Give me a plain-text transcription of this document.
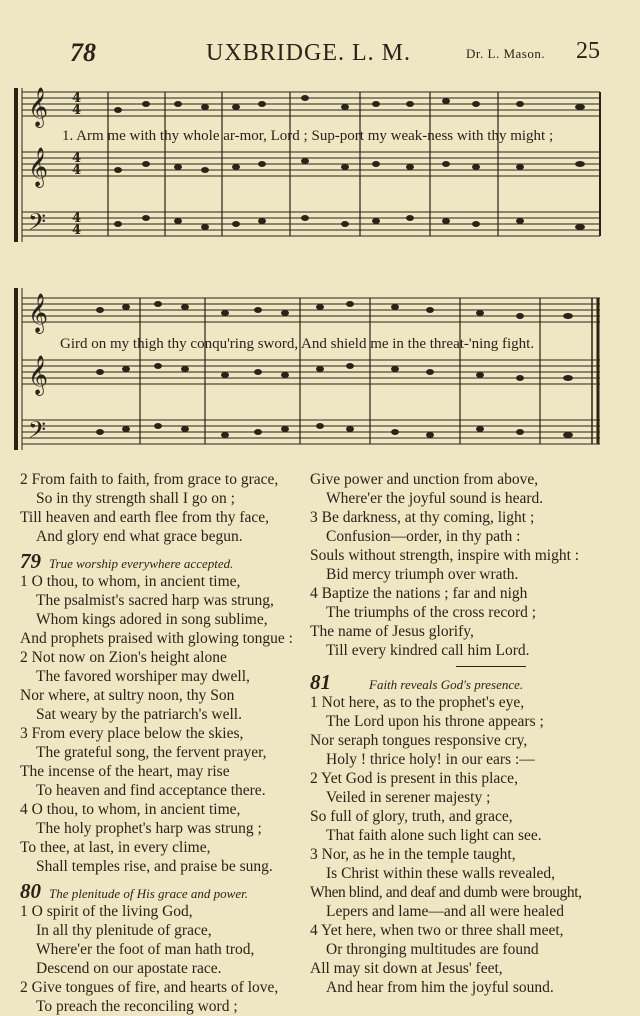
78	UXBRIDGE. L. M.	Dr. L. Mason. 25
𝄞
𝄞
𝄢
4
4
4
4
4
4
1. Arm me with thy whole ar-mor, Lord ; Sup-port my weak-ness with thy might ;
𝄞
𝄞
𝄢
Gird on my thigh thy conqu'ring sword, And shield me in the threat-'ning fight.
2 From faith to faith, from grace to grace,
So in thy strength shall I go on ;
Till heaven and earth flee from thy face,
And glory end what grace begun.
79 True worship everywhere accepted.
1 O thou, to whom, in ancient time,
The psalmist's sacred harp was strung,
Whom kings adored in song sublime,
And prophets praised with glowing tongue :
2 Not now on Zion's height alone
The favored worshiper may dwell,
Nor where, at sultry noon, thy Son
Sat weary by the patriarch's well.
3 From every place below the skies,
The grateful song, the fervent prayer,
The incense of the heart, may rise
To heaven and find acceptance there.
4 O thou, to whom, in ancient time,
The holy prophet's harp was strung ;
To thee, at last, in every clime,
Shall temples rise, and praise be sung.
80 The plenitude of His grace and power.
1 O spirit of the living God,
In all thy plenitude of grace,
Where'er the foot of man hath trod,
Descend on our apostate race.
2 Give tongues of fire, and hearts of love,
To preach the reconciling word ;
Give power and unction from above,
Where'er the joyful sound is heard.
3 Be darkness, at thy coming, light ;
Confusion—order, in thy path :
Souls without strength, inspire with might :
Bid mercy triumph over wrath.
4 Baptize the nations ; far and nigh
The triumphs of the cross record ;
The name of Jesus glorify,
Till every kindred call him Lord.
81	Faith reveals God's presence.
1 Not here, as to the prophet's eye,
The Lord upon his throne appears ;
Nor seraph tongues responsive cry,
Holy ! thrice holy! in our ears :—
2 Yet God is present in this place,
Veiled in serener majesty ;
So full of glory, truth, and grace,
That faith alone such light can see.
3 Nor, as he in the temple taught,
Is Christ within these walls revealed,
When blind, and deaf and dumb were brought,
Lepers and lame—and all were healed
4 Yet here, when two or three shall meet,
Or thronging multitudes are found
All may sit down at Jesus' feet,
And hear from him the joyful sound.
